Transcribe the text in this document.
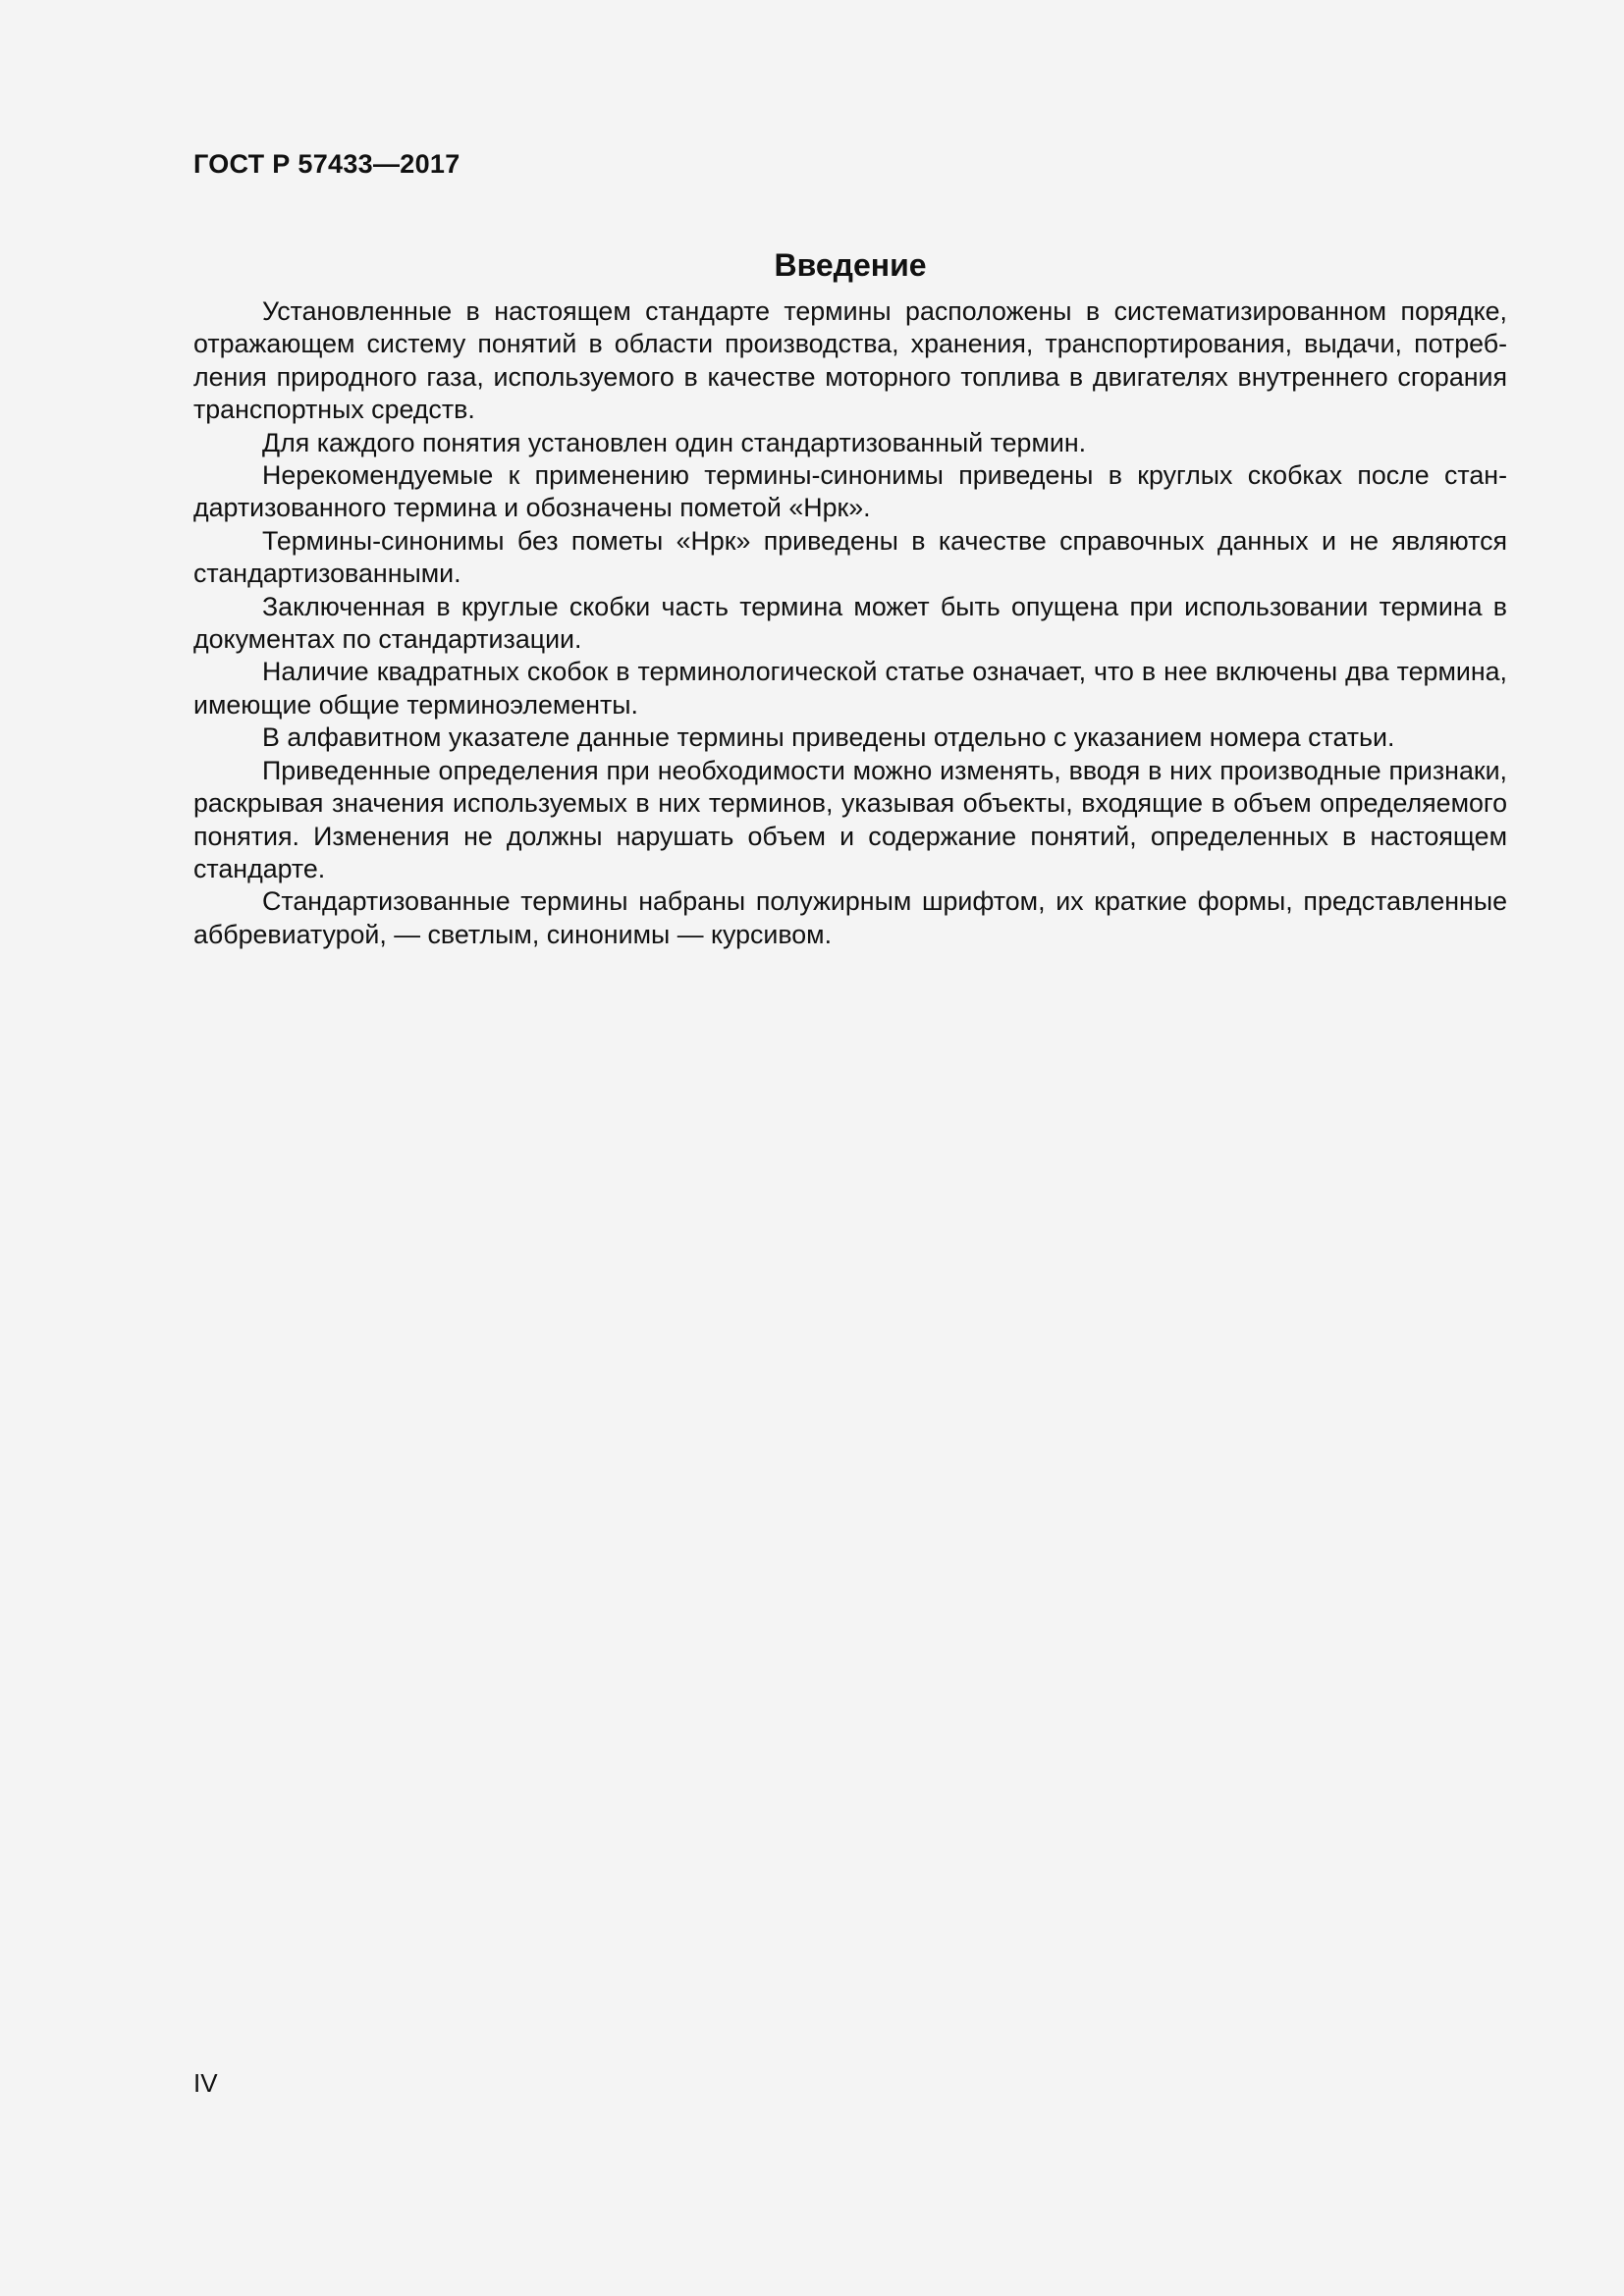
ГОСТ Р 57433—2017
Введение

Установленные в настоящем стандарте термины расположены в систематизированном порядке, отражающем систему понятий в области производства, хранения, транспортирования, выдачи, потребления природного газа, используемого в качестве моторного топлива в двигателях внутреннего сгорания транспортных средств.

Для каждого понятия установлен один стандартизованный термин.

Нерекомендуемые к применению термины-синонимы приведены в круглых скобках после стандартизованного термина и обозначены пометой «Нрк».

Термины-синонимы без пометы «Нрк» приведены в качестве справочных данных и не являются стандартизованными.

Заключенная в круглые скобки часть термина может быть опущена при использовании термина в документах по стандартизации.

Наличие квадратных скобок в терминологической статье означает, что в нее включены два термина, имеющие общие терминоэлементы.

В алфавитном указателе данные термины приведены отдельно с указанием номера статьи.

Приведенные определения при необходимости можно изменять, вводя в них производные признаки, раскрывая значения используемых в них терминов, указывая объекты, входящие в объем определяемого понятия. Изменения не должны нарушать объем и содержание понятий, определенных в настоящем стандарте.

Стандартизованные термины набраны полужирным шрифтом, их краткие формы, представленные аббревиатурой, — светлым, синонимы — курсивом.

IV
